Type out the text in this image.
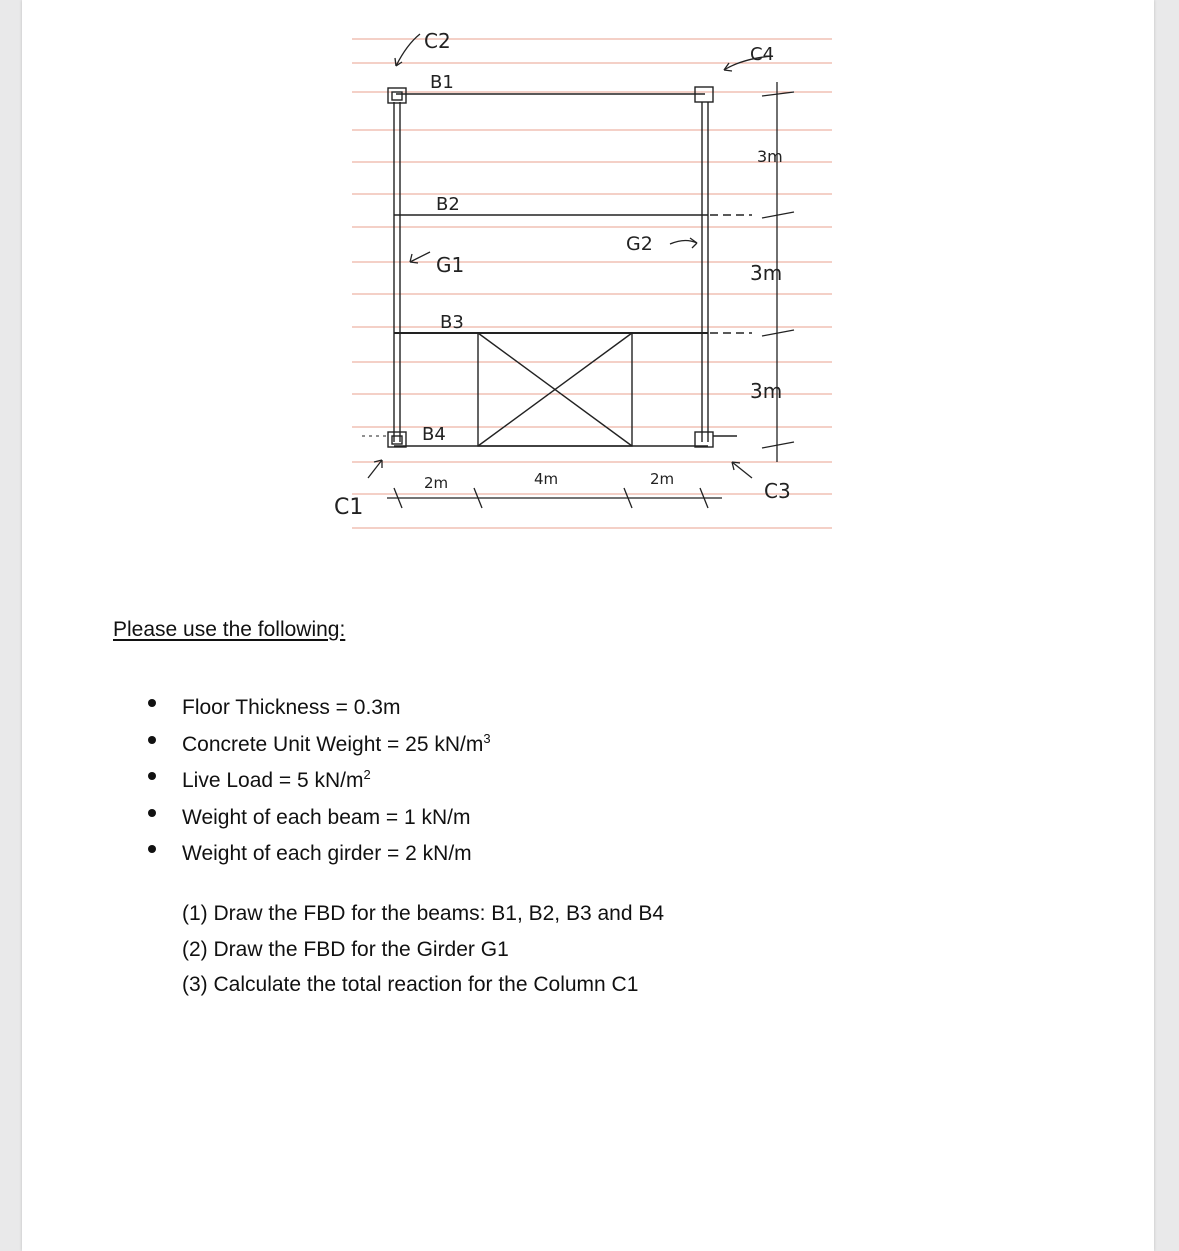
C2
C4
C1
C3
B1
B2
B3
B4
G1
G2
3m
3m
3m
2m	4m	2m

Please use the following:

Floor Thickness = 0.3m
Concrete Unit Weight = 25 $kN/m^3$
Live Load = 5 $kN/m^2$
Weight of each beam = 1 kN/m
Weight of each girder = 2 kN/m
(1) Draw the FBD for the beams: B1, B2, B3 and B4
(2) Draw the FBD for the Girder G1
(3) Calculate the total reaction for the Column C1
